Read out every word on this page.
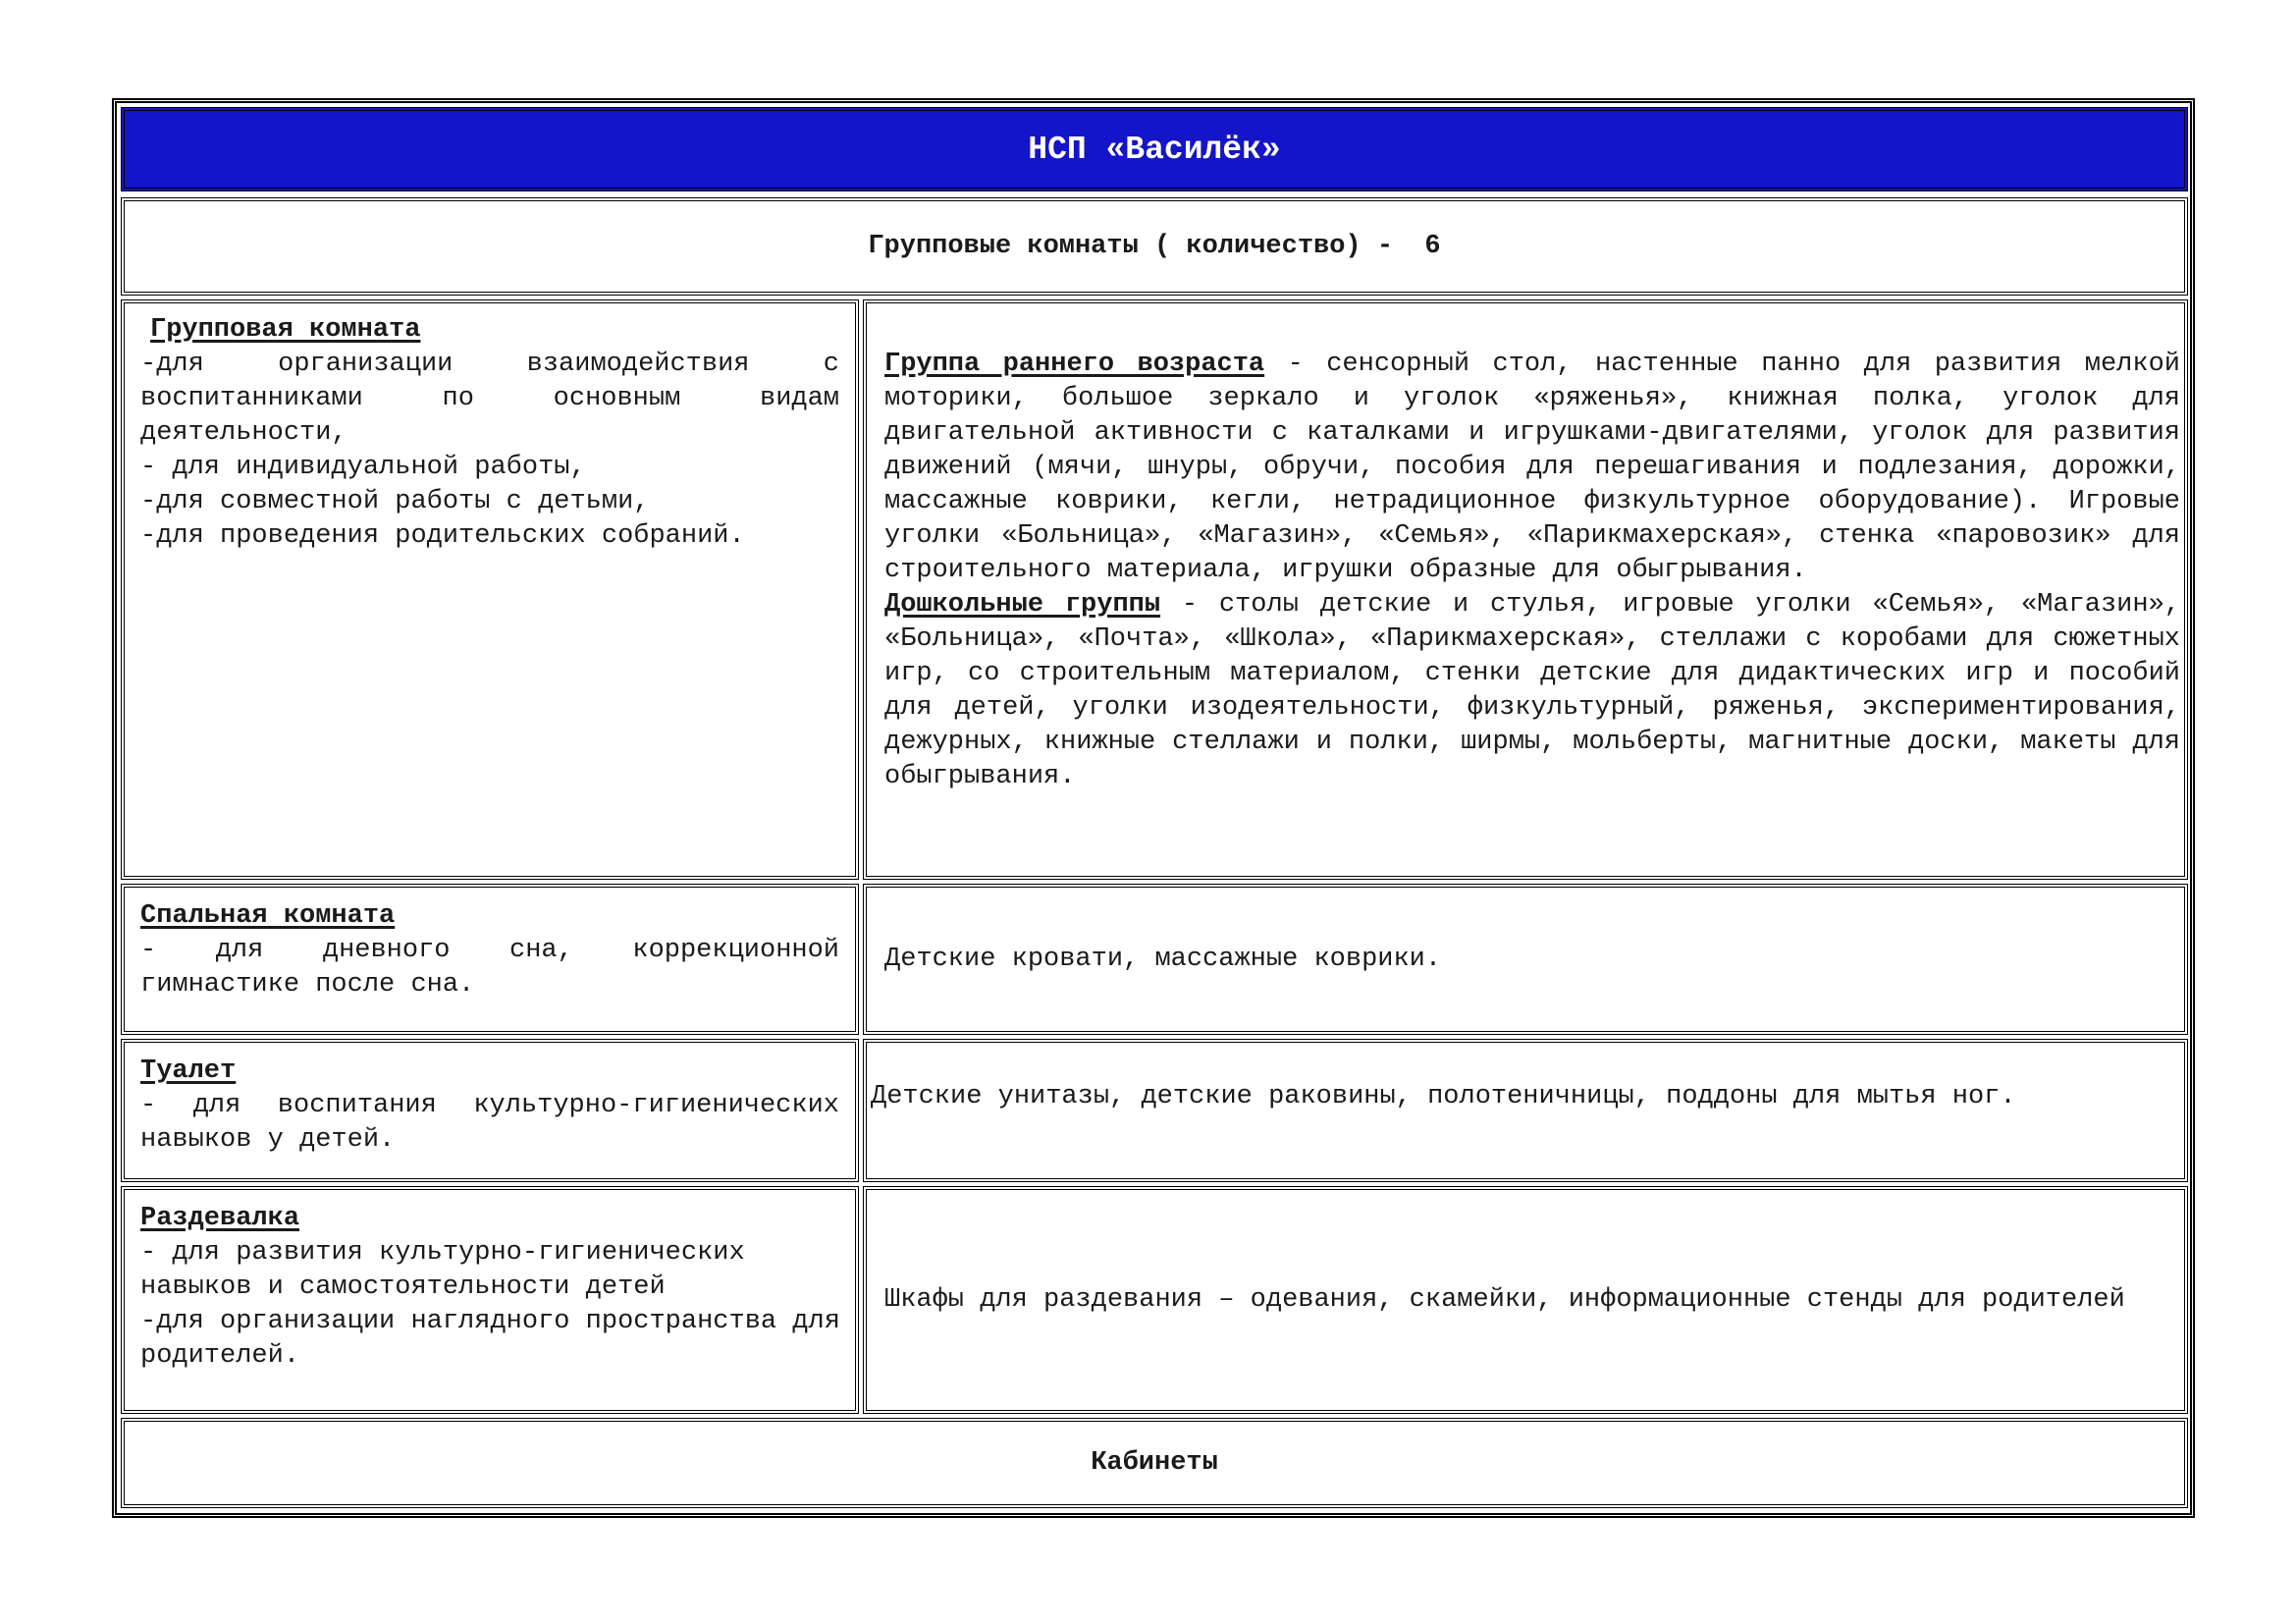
НСП «Василёк»
Групповые комнаты ( количество) -  6
Групповая комната

-для организации взаимодействия с воспитанниками по основным видам деятельности,

- для индивидуальной работы,

-для совместной работы с детьми,

-для проведения родительских собраний.

Группа раннего возраста - сенсорный стол, настенные панно для развития мелкой моторики, большое зеркало и уголок «ряженья», книжная полка, уголок для двигательной активности с каталками и игрушками-двигателями, уголок для развития движений (мячи, шнуры, обручи, пособия для перешагивания и подлезания, дорожки, массажные коврики, кегли, нетрадиционное физкультурное оборудование). Игровые уголки «Больница», «Магазин», «Семья», «Парикмахерская», стенка «паровозик» для строительного материала, игрушки образные для обыгрывания.

Дошкольные группы - столы детские и стулья, игровые уголки «Семья», «Магазин», «Больница», «Почта», «Школа», «Парикмахерская», стеллажи с коробами для сюжетных игр, со строительным материалом, стенки детские для дидактических игр и пособий для детей, уголки изодеятельности, физкультурный, ряженья, экспериментирования, дежурных, книжные стеллажи и полки, ширмы, мольберты, магнитные доски, макеты для обыгрывания.

Спальная комната

- для дневного сна, коррекционной гимнастике после сна.

Детские кровати, массажные коврики.
Туалет

- для воспитания культурно-гигиенических навыков у детей.

Детские унитазы, детские раковины, полотеничницы, поддоны для мытья ног.
Раздевалка

- для развития культурно-гигиенических навыков и самостоятельности детей

-для организации наглядного пространства для родителей.

Шкафы для раздевания – одевания, скамейки, информационные стенды для родителей
Кабинеты
